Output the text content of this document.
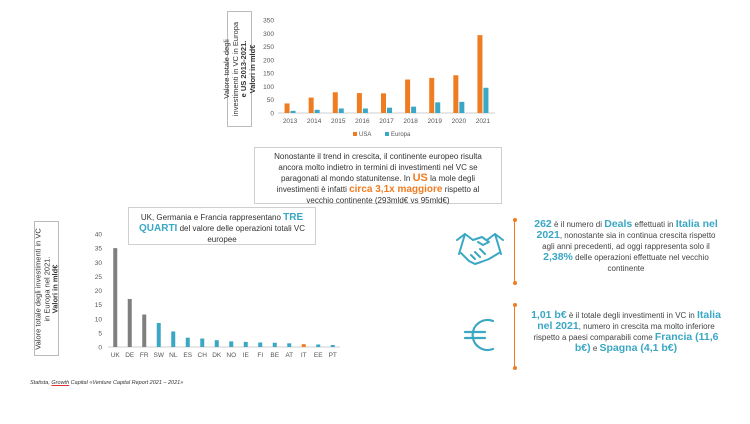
Valore totale degli
investimenti in VC in Europa
e US 2013-2021.
Valori in mld€
0
50
100
150
200
250
300
350
2013 2014 2015 2016 2017 2018 2019 2020 2021
USA	Europa
Nonostante il trend in crescita, il continente europeo risulta ancora molto indietro in termini di investimenti nel VC se paragonati al mondo statunitense. In US la mole degli investimenti è infatti circa 3,1x maggiore rispetto al vecchio continente (293mld€ vs 95mld€)
Valore totale degli investimenti in VC
in Europa nel 2021.
Valori in mld€
0
5
10
15
20
25
30
35
40
UK DE FR SW NL ES CH DK NO IE FI BE AT IT EE PT
UK, Germania e Francia rappresentano TRE QUARTI del valore delle operazioni totali VC europee
262 è il numero di Deals effettuati in Italia nel 2021, nonostante sia in continua crescita rispetto agli anni precedenti, ad oggi rappresenta solo il 2,38% delle operazioni effettuate nel vecchio continente
1,01 b€ è il totale degli investimenti in VC in Italia nel 2021, numero in crescita ma molto inferiore rispetto a paesi comparabili come Francia (11,6 b€) e Spagna (4,1 b€)
Statista, Growth Capital «Venture Capital Report 2021 – 2021»
